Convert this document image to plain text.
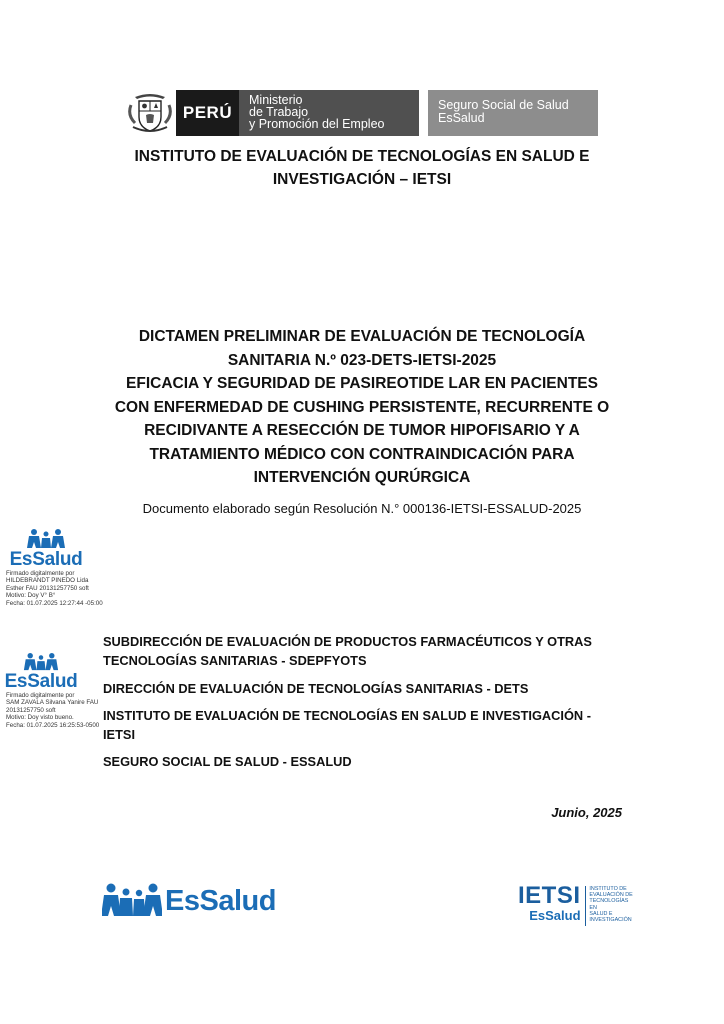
PERÚ
Ministerio
de Trabajo
y Promoción del Empleo
Seguro Social de Salud
EsSalud
INSTITUTO DE EVALUACIÓN DE TECNOLOGÍAS EN SALUD E
INVESTIGACIÓN – IETSI
DICTAMEN PRELIMINAR DE EVALUACIÓN DE TECNOLOGÍA
SANITARIA N.º 023-DETS-IETSI-2025
EFICACIA Y SEGURIDAD DE PASIREOTIDE LAR EN PACIENTES
CON ENFERMEDAD DE CUSHING PERSISTENTE, RECURRENTE O
RECIDIVANTE A RESECCIÓN DE TUMOR HIPOFISARIO Y A
TRATAMIENTO MÉDICO CON CONTRAINDICACIÓN PARA
INTERVENCIÓN QURÚRGICA
Documento elaborado según Resolución N.° 000136-IETSI-ESSALUD-2025
EsSalud
Firmado digitalmente por
HILDEBRANDT PINEDO Lida
Esther FAU 20131257750 soft
Motivo: Doy V° B°
Fecha: 01.07.2025 12:27:44 -05:00
EsSalud
Firmado digitalmente por
SAM ZAVALA Silvana Yanire FAU
20131257750 soft
Motivo: Doy visto bueno.
Fecha: 01.07.2025 16:25:53-0500
SUBDIRECCIÓN DE EVALUACIÓN DE PRODUCTOS FARMACÉUTICOS Y OTRAS
TECNOLOGÍAS SANITARIAS - SDEPFYOTS
DIRECCIÓN DE EVALUACIÓN DE TECNOLOGÍAS SANITARIAS - DETS
INSTITUTO DE EVALUACIÓN DE TECNOLOGÍAS EN SALUD E INVESTIGACIÓN -
IETSI
SEGURO SOCIAL DE SALUD - ESSALUD
Junio, 2025
EsSalud	IETSI
EsSalud
INSTITUTO DE
EVALUACIÓN DE
TECNOLOGÍAS EN
SALUD E
INVESTIGACIÓN
